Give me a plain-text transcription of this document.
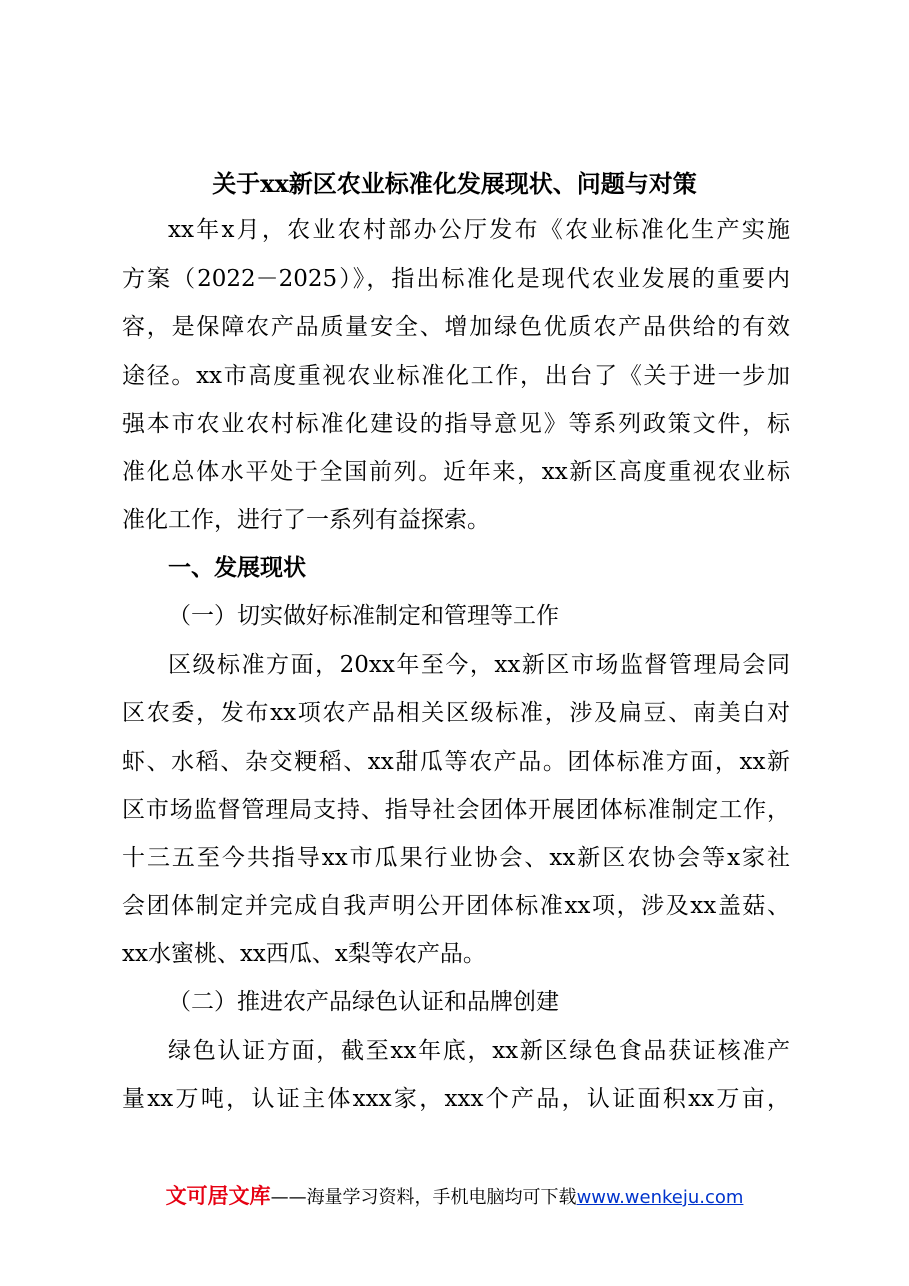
关于xx新区农业标准化发展现状、问题与对策
xx年x月，农业农村部办公厅发布《农业标准化生产实施
方案（2022－2025）》，指出标准化是现代农业发展的重要内
容，是保障农产品质量安全、增加绿色优质农产品供给的有效
途径。xx市高度重视农业标准化工作，出台了《关于进一步加
强本市农业农村标准化建设的指导意见》等系列政策文件，标
准化总体水平处于全国前列。近年来，xx新区高度重视农业标
准化工作，进行了一系列有益探索。
一、发展现状
（一）切实做好标准制定和管理等工作
区级标准方面，20xx年至今，xx新区市场监督管理局会同
区农委，发布xx项农产品相关区级标准，涉及扁豆、南美白对
虾、水稻、杂交粳稻、xx甜瓜等农产品。团体标准方面，xx新
区市场监督管理局支持、指导社会团体开展团体标准制定工作，
十三五至今共指导xx市瓜果行业协会、xx新区农协会等x家社
会团体制定并完成自我声明公开团体标准xx项，涉及xx盖菇、
xx水蜜桃、xx西瓜、x梨等农产品。
（二）推进农产品绿色认证和品牌创建
绿色认证方面，截至xx年底，xx新区绿色食品获证核准产
量xx万吨，认证主体xxx家，xxx个产品，认证面积xx万亩，
文可居文库——海量学习资料，手机电脑均可下载www.wenkeju.com
